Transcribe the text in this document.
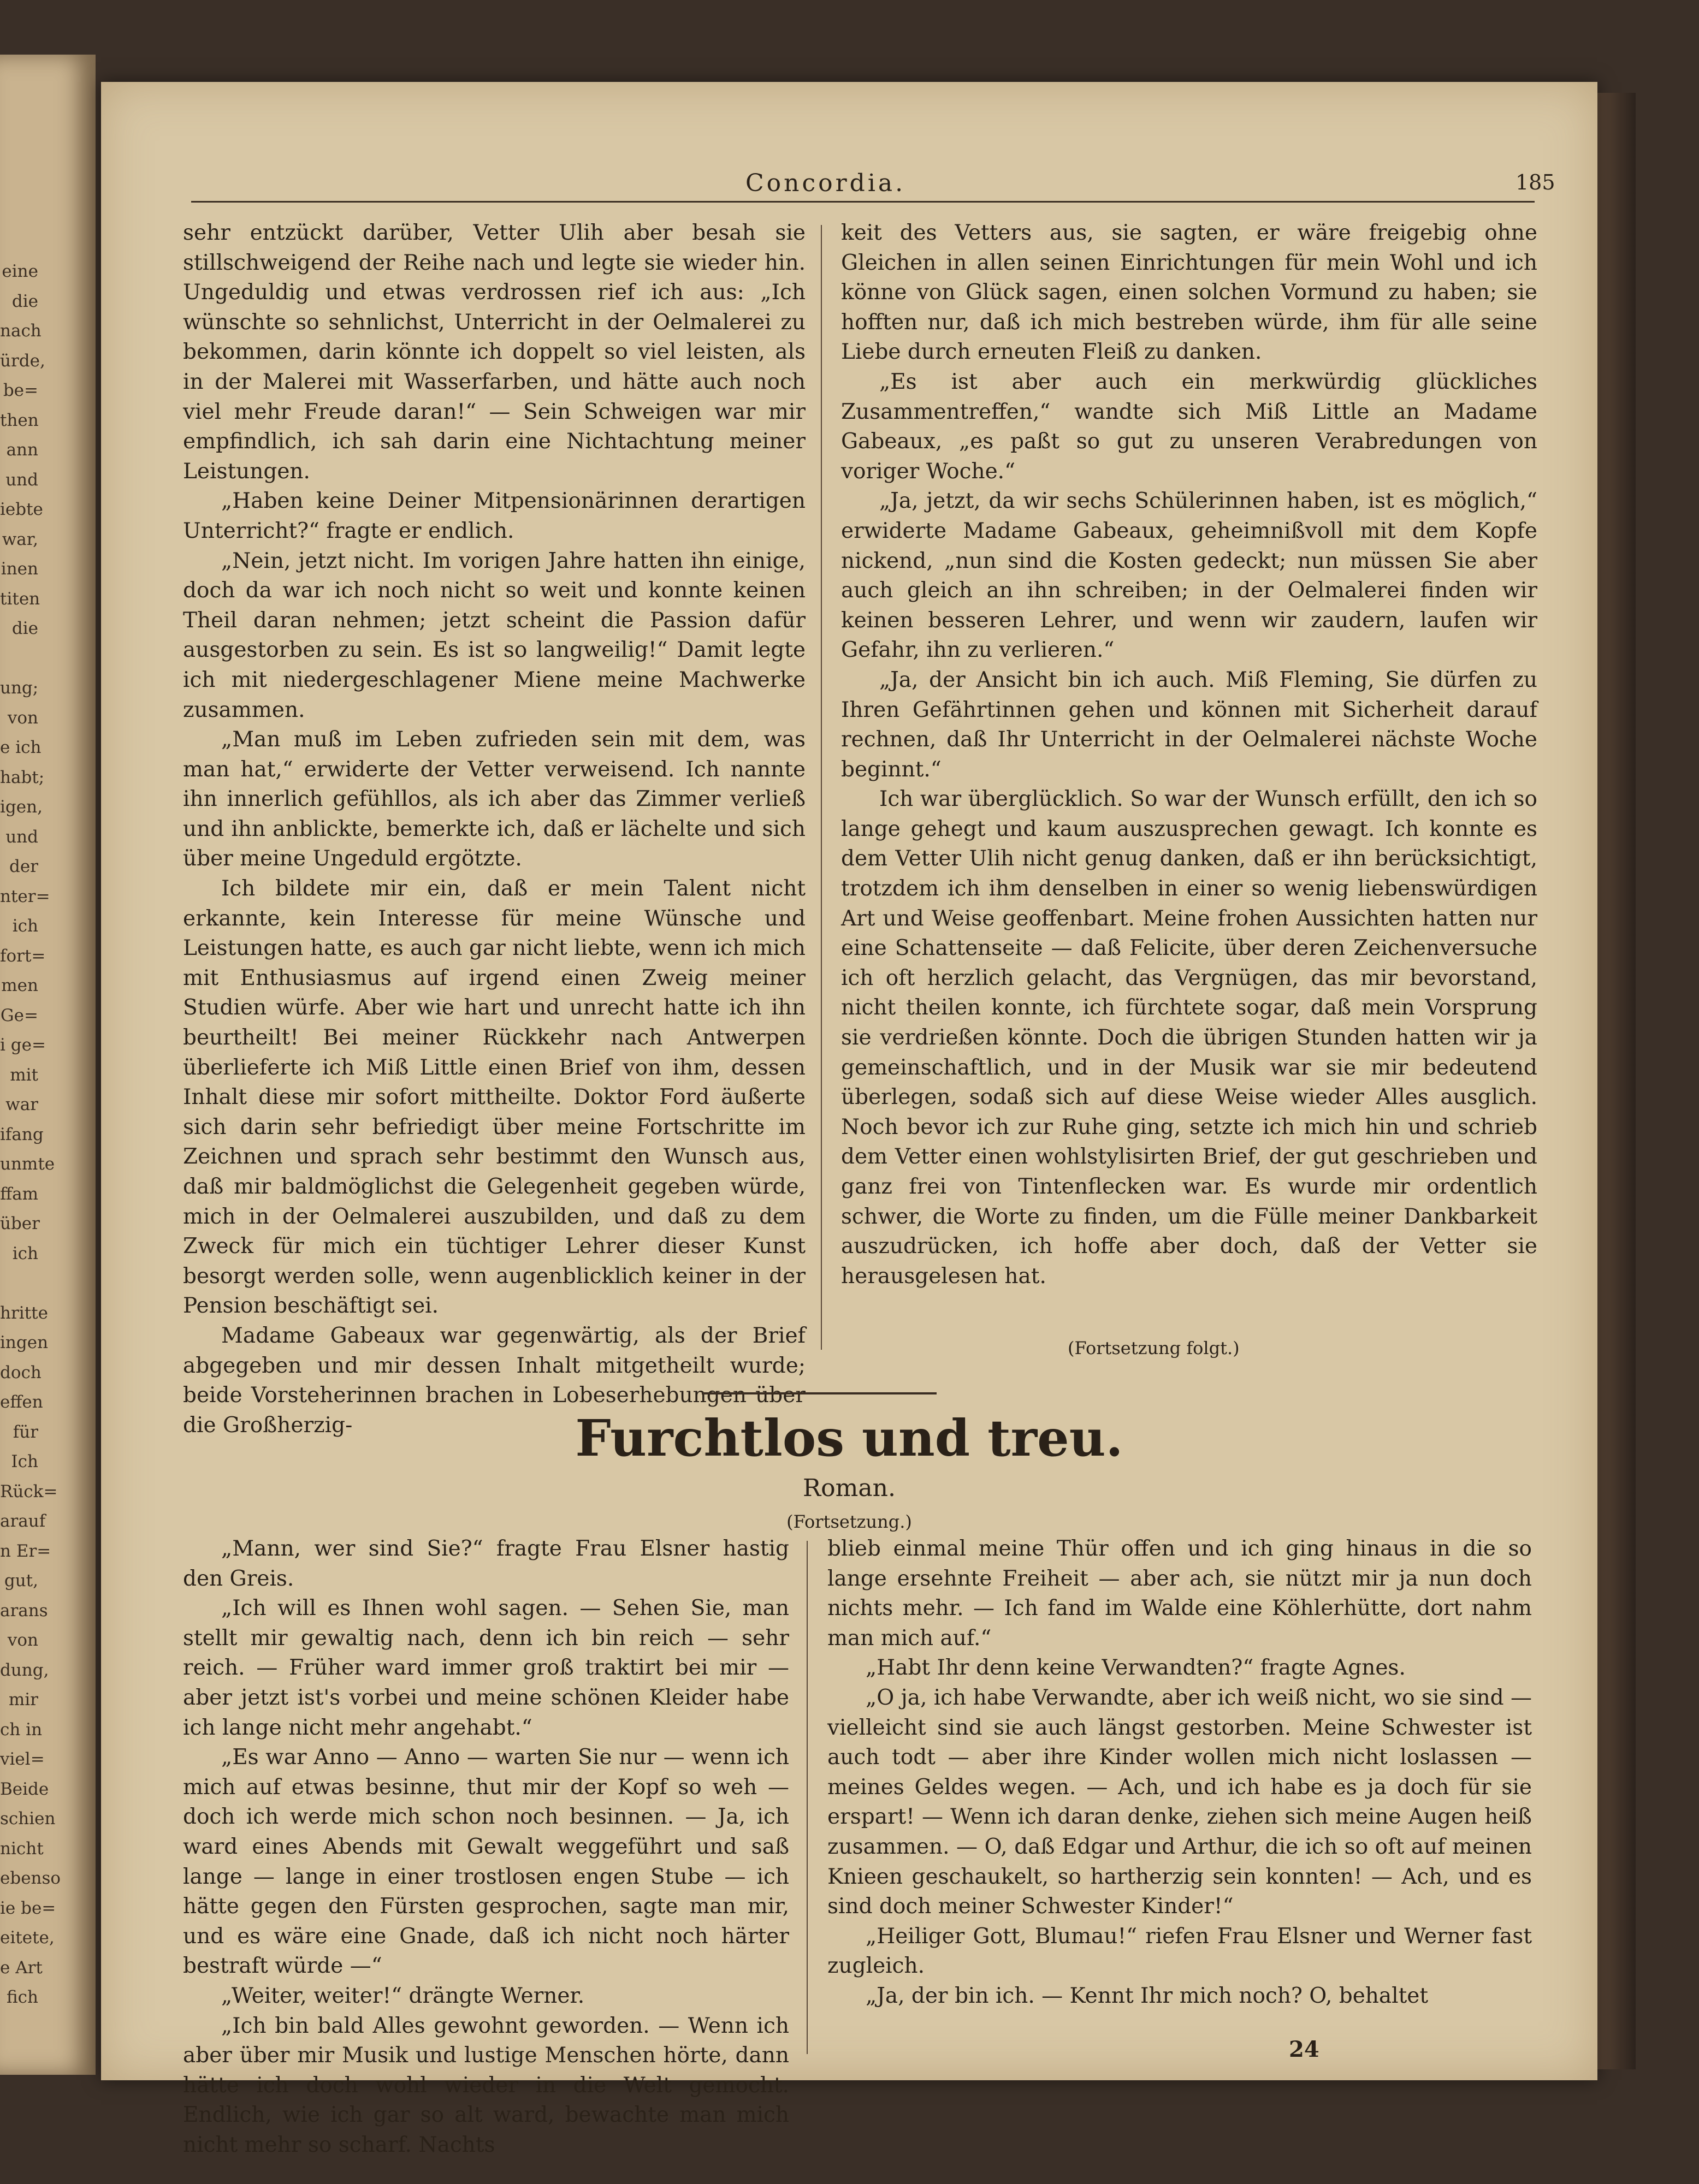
eine
die
nach
ürde,
be=
then
ann
und
iebte
war,
inen
titen
die

ung;
von
e ich
habt;
igen,
und
der
nter=
ich
fort=
men
Ge=
i ge=
mit
war
ifang
unmte
ffam
über
ich

hritte
ingen
doch
effen
für
Ich
Rück=
arauf
n Er=
gut,
arans
von
dung,
mir
ch in
viel=
Beide
schien
nicht
ebenso
ie be=
eitete,
e Art
fich
Concordia.	185

sehr entzückt darüber, Vetter Ulih aber besah sie stillschweigend der Reihe nach und legte sie wieder hin. Ungeduldig und etwas verdrossen rief ich aus: „Ich wünschte so sehnlichst, Unterricht in der Oelmalerei zu bekommen, darin könnte ich doppelt so viel leisten, als in der Malerei mit Wasserfarben, und hätte auch noch viel mehr Freude daran!“ — Sein Schweigen war mir empfindlich, ich sah darin eine Nichtachtung meiner Leistungen.

„Haben keine Deiner Mitpensionärinnen derartigen Unterricht?“ fragte er endlich.

„Nein, jetzt nicht. Im vorigen Jahre hatten ihn einige, doch da war ich noch nicht so weit und konnte keinen Theil daran nehmen; jetzt scheint die Passion dafür ausgestorben zu sein. Es ist so langweilig!“ Damit legte ich mit niedergeschlagener Miene meine Machwerke zusammen.

„Man muß im Leben zufrieden sein mit dem, was man hat,“ erwiderte der Vetter verweisend. Ich nannte ihn innerlich gefühllos, als ich aber das Zimmer verließ und ihn anblickte, bemerkte ich, daß er lächelte und sich über meine Ungeduld ergötzte.

Ich bildete mir ein, daß er mein Talent nicht erkannte, kein Interesse für meine Wünsche und Leistungen hatte, es auch gar nicht liebte, wenn ich mich mit Enthusiasmus auf irgend einen Zweig meiner Studien würfe. Aber wie hart und unrecht hatte ich ihn beurtheilt! Bei meiner Rückkehr nach Antwerpen überlieferte ich Miß Little einen Brief von ihm, dessen Inhalt diese mir sofort mittheilte. Doktor Ford äußerte sich darin sehr befriedigt über meine Fortschritte im Zeichnen und sprach sehr bestimmt den Wunsch aus, daß mir baldmöglichst die Gelegenheit gegeben würde, mich in der Oelmalerei auszubilden, und daß zu dem Zweck für mich ein tüchtiger Lehrer dieser Kunst besorgt werden solle, wenn augenblicklich keiner in der Pension beschäftigt sei.

Madame Gabeaux war gegenwärtig, als der Brief abgegeben und mir dessen Inhalt mitgetheilt wurde; beide Vorsteherinnen brachen in Lobeserhebungen über die Großherzig-

keit des Vetters aus, sie sagten, er wäre freigebig ohne Gleichen in allen seinen Einrichtungen für mein Wohl und ich könne von Glück sagen, einen solchen Vormund zu haben; sie hofften nur, daß ich mich bestreben würde, ihm für alle seine Liebe durch erneuten Fleiß zu danken.

„Es ist aber auch ein merkwürdig glückliches Zusammentreffen,“ wandte sich Miß Little an Madame Gabeaux, „es paßt so gut zu unseren Verabredungen von voriger Woche.“

„Ja, jetzt, da wir sechs Schülerinnen haben, ist es möglich,“ erwiderte Madame Gabeaux, geheimnißvoll mit dem Kopfe nickend, „nun sind die Kosten gedeckt; nun müssen Sie aber auch gleich an ihn schreiben; in der Oelmalerei finden wir keinen besseren Lehrer, und wenn wir zaudern, laufen wir Gefahr, ihn zu verlieren.“

„Ja, der Ansicht bin ich auch. Miß Fleming, Sie dürfen zu Ihren Gefährtinnen gehen und können mit Sicherheit darauf rechnen, daß Ihr Unterricht in der Oelmalerei nächste Woche beginnt.“

Ich war überglücklich. So war der Wunsch erfüllt, den ich so lange gehegt und kaum auszusprechen gewagt. Ich konnte es dem Vetter Ulih nicht genug danken, daß er ihn berücksichtigt, trotzdem ich ihm denselben in einer so wenig liebenswürdigen Art und Weise geoffenbart. Meine frohen Aussichten hatten nur eine Schattenseite — daß Felicite, über deren Zeichenversuche ich oft herzlich gelacht, das Vergnügen, das mir bevorstand, nicht theilen konnte, ich fürchtete sogar, daß mein Vorsprung sie verdrießen könnte. Doch die übrigen Stunden hatten wir ja gemeinschaftlich, und in der Musik war sie mir bedeutend überlegen, sodaß sich auf diese Weise wieder Alles ausglich. Noch bevor ich zur Ruhe ging, setzte ich mich hin und schrieb dem Vetter einen wohlstylisirten Brief, der gut geschrieben und ganz frei von Tintenflecken war. Es wurde mir ordentlich schwer, die Worte zu finden, um die Fülle meiner Dankbarkeit auszudrücken, ich hoffe aber doch, daß der Vetter sie herausgelesen hat.

(Fortsetzung folgt.)
Furchtlos und treu.
Roman.
(Fortsetzung.)

„Mann, wer sind Sie?“ fragte Frau Elsner hastig den Greis.

„Ich will es Ihnen wohl sagen. — Sehen Sie, man stellt mir gewaltig nach, denn ich bin reich — sehr reich. — Früher ward immer groß traktirt bei mir — aber jetzt ist's vorbei und meine schönen Kleider habe ich lange nicht mehr angehabt.“

„Es war Anno — Anno — warten Sie nur — wenn ich mich auf etwas besinne, thut mir der Kopf so weh — doch ich werde mich schon noch besinnen. — Ja, ich ward eines Abends mit Gewalt weggeführt und saß lange — lange in einer trostlosen engen Stube — ich hätte gegen den Fürsten gesprochen, sagte man mir, und es wäre eine Gnade, daß ich nicht noch härter bestraft würde —“

„Weiter, weiter!“ drängte Werner.

„Ich bin bald Alles gewohnt geworden. — Wenn ich aber über mir Musik und lustige Menschen hörte, dann hätte ich doch wohl wieder in die Welt gemocht. Endlich, wie ich gar so alt ward, bewachte man mich nicht mehr so scharf. Nachts

blieb einmal meine Thür offen und ich ging hinaus in die so lange ersehnte Freiheit — aber ach, sie nützt mir ja nun doch nichts mehr. — Ich fand im Walde eine Köhlerhütte, dort nahm man mich auf.“

„Habt Ihr denn keine Verwandten?“ fragte Agnes.

„O ja, ich habe Verwandte, aber ich weiß nicht, wo sie sind — vielleicht sind sie auch längst gestorben. Meine Schwester ist auch todt — aber ihre Kinder wollen mich nicht loslassen — meines Geldes wegen. — Ach, und ich habe es ja doch für sie erspart! — Wenn ich daran denke, ziehen sich meine Augen heiß zusammen. — O, daß Edgar und Arthur, die ich so oft auf meinen Knieen geschaukelt, so hartherzig sein konnten! — Ach, und es sind doch meiner Schwester Kinder!“

„Heiliger Gott, Blumau!“ riefen Frau Elsner und Werner fast zugleich.

„Ja, der bin ich. — Kennt Ihr mich noch? O, behaltet

24
